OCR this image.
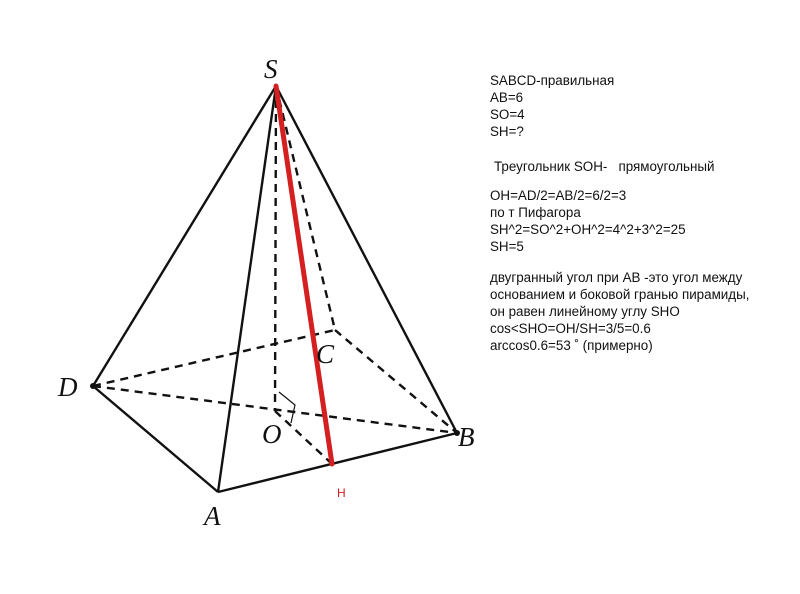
S
D
C
O	B
A
H
SABCD-правильная
AB=6
SO=4
SH=?
Треугольник SOH-   прямоугольный
OH=AD/2=AB/2=6/2=3
по т Пифагора
SH^2=SO^2+OH^2=4^2+3^2=25
SH=5
двугранный угол при AB -это угол между
основанием и боковой гранью пирамиды,
он равен линейному углу SHO
cos<SHO=OH/SH=3/5=0.6
arccos0.6=53 ˚ (примерно)
